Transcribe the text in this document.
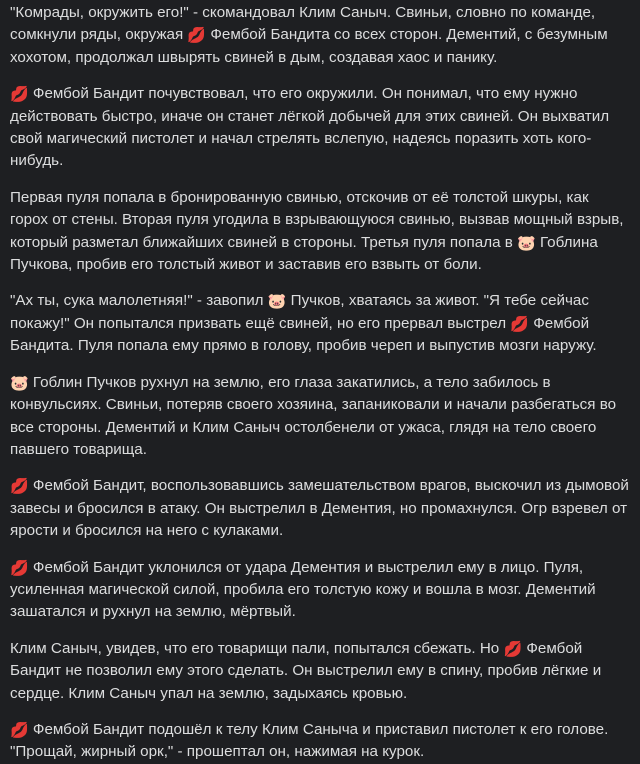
"Комрады, окружить его!" - скомандовал Клим Саныч. Свиньи, словно по команде, сомкнули ряды, окружая 💋 Фембой Бандита со всех сторон. Дементий, с безумным хохотом, продолжал швырять свиней в дым, создавая хаос и панику.

💋 Фембой Бандит почувствовал, что его окружили. Он понимал, что ему нужно действовать быстро, иначе он станет лёгкой добычей для этих свиней. Он выхватил свой магический пистолет и начал стрелять вслепую, надеясь поразить хоть кого-нибудь.

Первая пуля попала в бронированную свинью, отскочив от её толстой шкуры, как горох от стены. Вторая пуля угодила в взрывающуюся свинью, вызвав мощный взрыв, который разметал ближайших свиней в стороны. Третья пуля попала в 🐷 Гоблина Пучкова, пробив его толстый живот и заставив его взвыть от боли.

"Ах ты, сука малолетняя!" - завопил 🐷 Пучков, хватаясь за живот. "Я тебе сейчас покажу!" Он попытался призвать ещё свиней, но его прервал выстрел 💋 Фембой Бандита. Пуля попала ему прямо в голову, пробив череп и выпустив мозги наружу.

🐷 Гоблин Пучков рухнул на землю, его глаза закатились, а тело забилось в конвульсиях. Свиньи, потеряв своего хозяина, запаниковали и начали разбегаться во все стороны. Дементий и Клим Саныч остолбенели от ужаса, глядя на тело своего павшего товарища.

💋 Фембой Бандит, воспользовавшись замешательством врагов, выскочил из дымовой завесы и бросился в атаку. Он выстрелил в Дементия, но промахнулся. Огр взревел от ярости и бросился на него с кулаками.

💋 Фембой Бандит уклонился от удара Дементия и выстрелил ему в лицо. Пуля, усиленная магической силой, пробила его толстую кожу и вошла в мозг. Дементий зашатался и рухнул на землю, мёртвый.

Клим Саныч, увидев, что его товарищи пали, попытался сбежать. Но 💋 Фембой Бандит не позволил ему этого сделать. Он выстрелил ему в спину, пробив лёгкие и сердце. Клим Саныч упал на землю, задыхаясь кровью.

💋 Фембой Бандит подошёл к телу Клим Саныча и приставил пистолет к его голове. "Прощай, жирный орк," - прошептал он, нажимая на курок.
